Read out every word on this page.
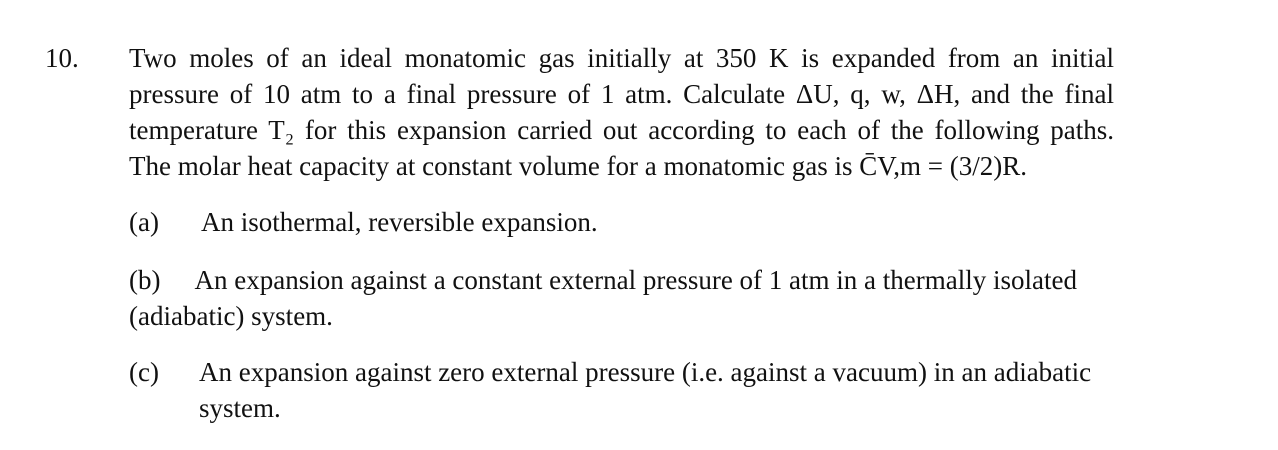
10. Two moles of an ideal monatomic gas initially at 350 K is expanded from an initial
pressure of 10 atm to a final pressure of 1 atm. Calculate ΔU, q, w, ΔH, and the final
temperature T₂ for this expansion carried out according to each of the following paths.
The molar heat capacity at constant volume for a monatomic gas is C̄V,m = (3/2)R.
(a) An isothermal, reversible expansion.
(b) An expansion against a constant external pressure of 1 atm in a thermally isolated
(adiabatic) system.
(c) An expansion against zero external pressure (i.e. against a vacuum) in an adiabatic
system.
